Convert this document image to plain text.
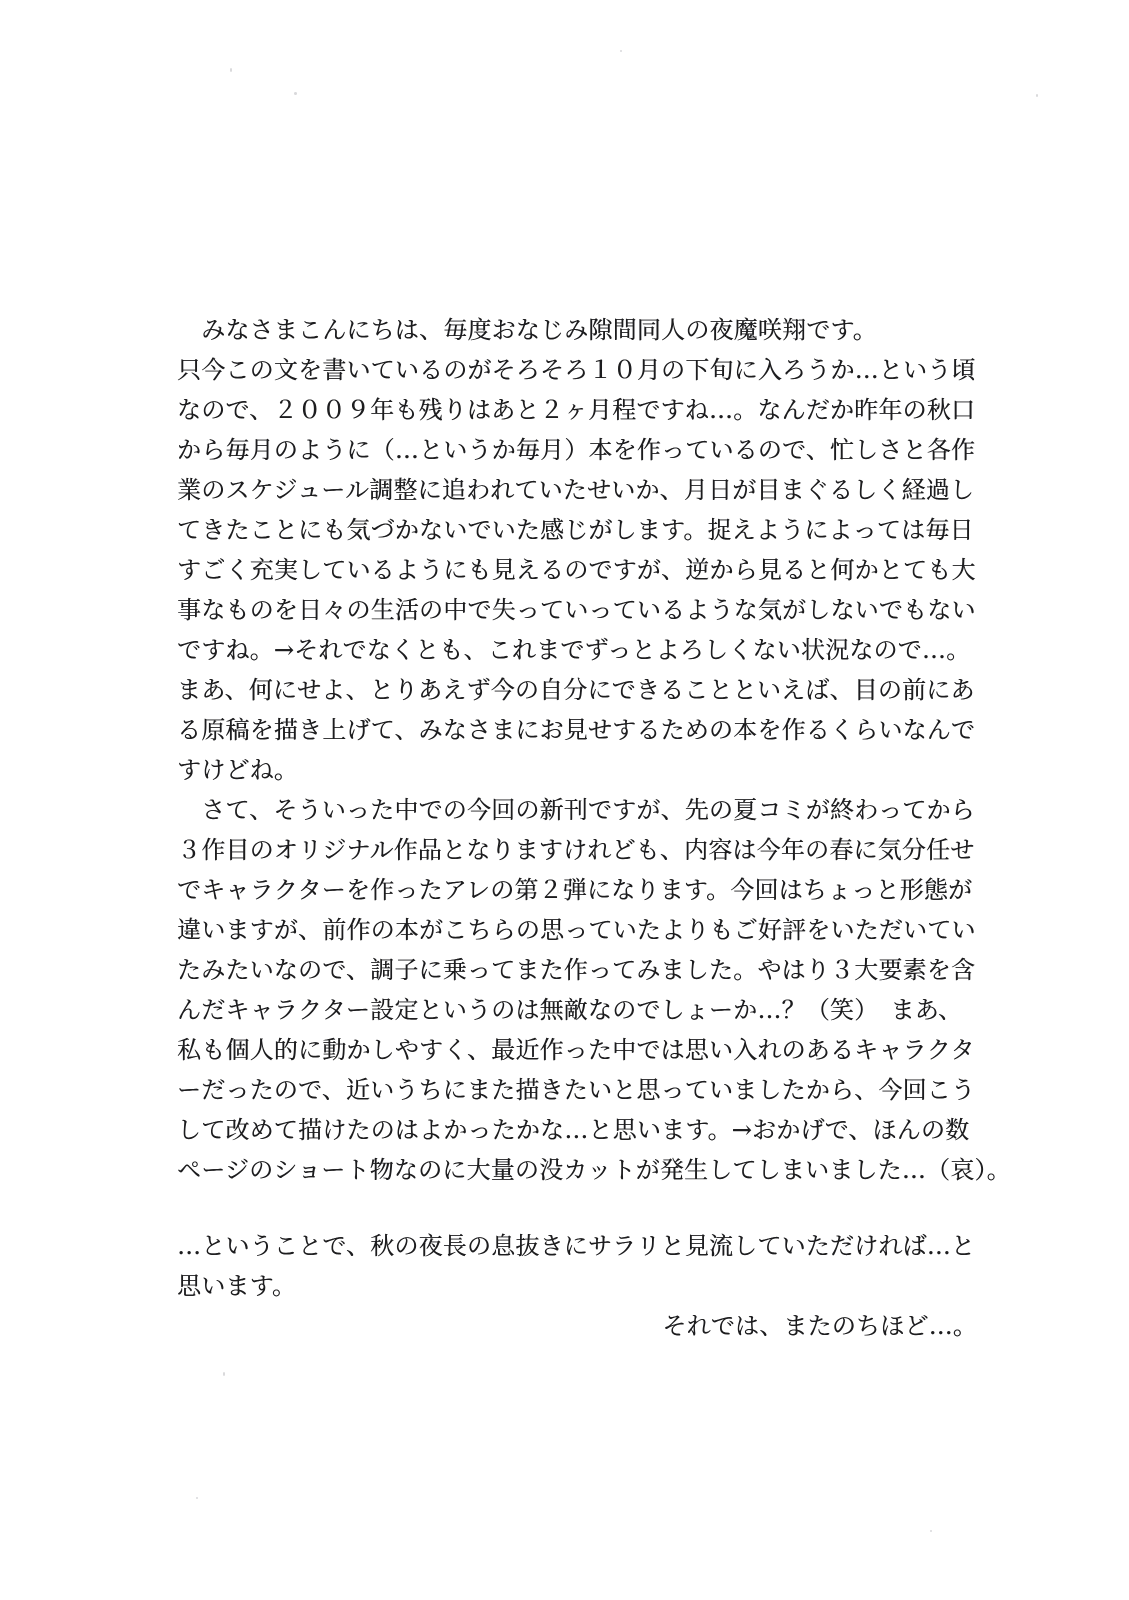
　みなさまこんにちは、毎度おなじみ隙間同人の夜魔咲翔です。
只今この文を書いているのがそろそろ１０月の下旬に入ろうか…という頃
なので、２００９年も残りはあと２ヶ月程ですね…。なんだか昨年の秋口
から毎月のように（…というか毎月）本を作っているので、忙しさと各作
業のスケジュール調整に追われていたせいか、月日が目まぐるしく経過し
てきたことにも気づかないでいた感じがします。捉えようによっては毎日
すごく充実しているようにも見えるのですが、逆から見ると何かとても大
事なものを日々の生活の中で失っていっているような気がしないでもない
ですね。→それでなくとも、これまでずっとよろしくない状況なので…。
まあ、何にせよ、とりあえず今の自分にできることといえば、目の前にあ
る原稿を描き上げて、みなさまにお見せするための本を作るくらいなんで
すけどね。
　さて、そういった中での今回の新刊ですが、先の夏コミが終わってから
３作目のオリジナル作品となりますけれども、内容は今年の春に気分任せ
でキャラクターを作ったアレの第２弾になります。今回はちょっと形態が
違いますが、前作の本がこちらの思っていたよりもご好評をいただいてい
たみたいなので、調子に乗ってまた作ってみました。やはり３大要素を含
んだキャラクター設定というのは無敵なのでしょーか…？（笑）　まあ、
私も個人的に動かしやすく、最近作った中では思い入れのあるキャラクタ
ーだったので、近いうちにまた描きたいと思っていましたから、今回こう
して改めて描けたのはよかったかな…と思います。→おかげで、ほんの数
ページのショート物なのに大量の没カットが発生してしまいました…（哀）。
…ということで、秋の夜長の息抜きにサラリと見流していただければ…と
思います。
それでは、またのちほど…。
